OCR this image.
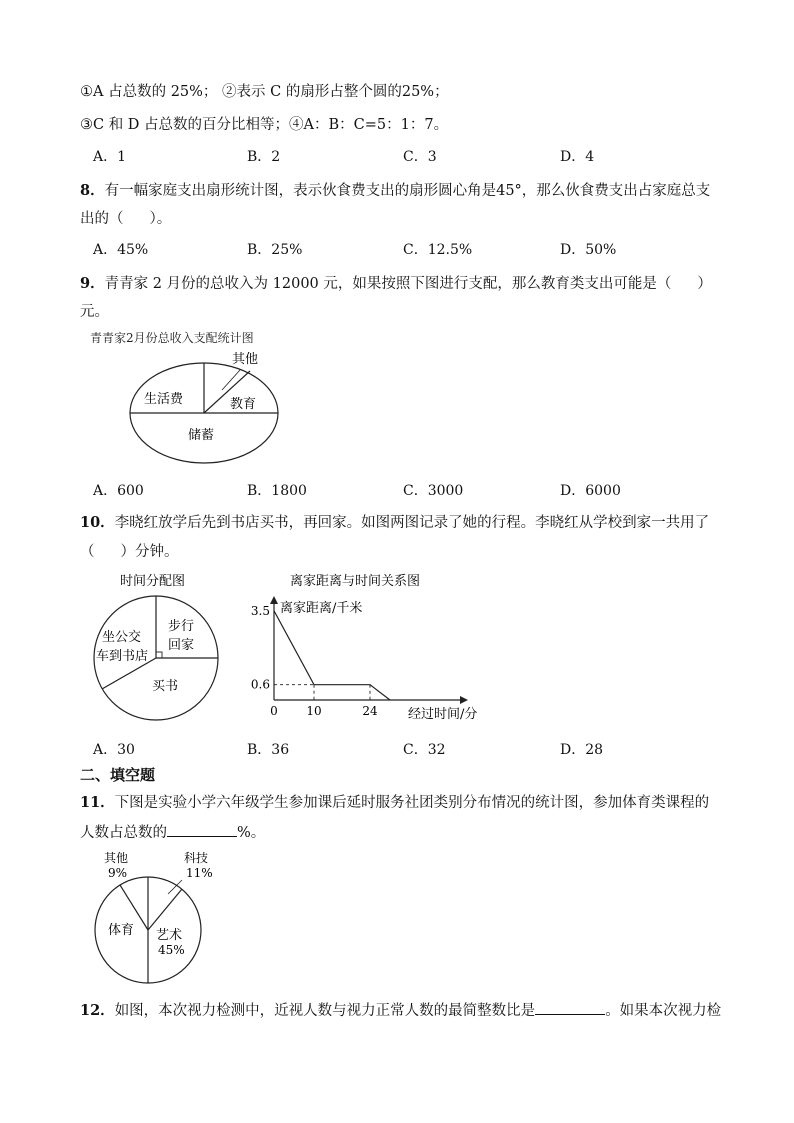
①A 占总数的 25%； ②表示 C 的扇形占整个圆的25%；
③C 和 D 占总数的百分比相等；④A：B：C=5：1：7。
A．1	B．2	C．3	D．4
8．有一幅家庭支出扇形统计图，表示伙食费支出的扇形圆心角是45°，那么伙食费支出占家庭总支
出的（ ）。
A．45%	B．25%	C．12.5%	D．50%
9．青青家 2 月份的总收入为 12000 元，如果按照下图进行支配，那么教育类支出可能是（ ）
元。
青青家2月份总收入支配统计图
其他
生活费	教育
储蓄
A．600	B．1800	C．3000	D．6000
10．李晓红放学后先到书店买书，再回家。如图两图记录了她的行程。李晓红从学校到家一共用了
（ ）分钟。
时间分配图
坐公交
车到书店
步行
回家
买书
离家距离与时间关系图
离家距离/千米
经过时间/分
0 10	24
3.5
0.6
A．30	B．36	C．32	D．28
二、填空题
11．下图是实验小学六年级学生参加课后延时服务社团类别分布情况的统计图，参加体育类课程的
人数占总数的	%。
其他
9%
科技
11%
体育 艺术
45%
12．如图，本次视力检测中，近视人数与视力正常人数的最简整数比是	。如果本次视力检
